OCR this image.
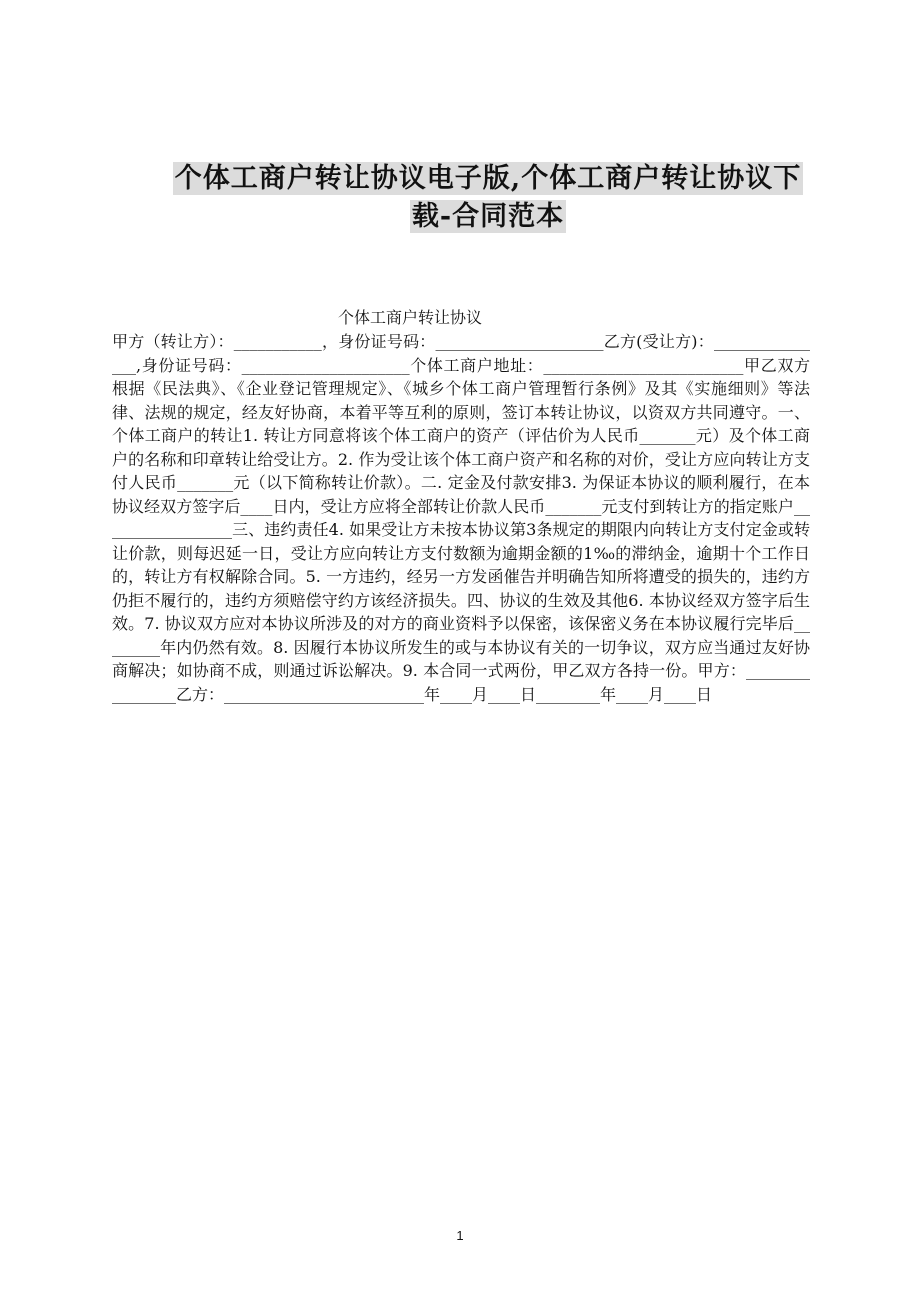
个体工商户转让协议电子版,个体工商户转让协议下载-合同范本
个体工商户转让协议

甲方（转让方）：___________，身份证号码：_____________________乙方(受让方)：_______________,身份证号码：_____________________个体工商户地址：_________________________甲乙双方根据《民法典》、《企业登记管理规定》、《城乡个体工商户管理暂行条例》及其《实施细则》等法律、法规的规定，经友好协商，本着平等互利的原则，签订本转让协议，以资双方共同遵守。一、个体工商户的转让1. 转让方同意将该个体工商户的资产（评估价为人民币_______元）及个体工商户的名称和印章转让给受让方。2. 作为受让该个体工商户资产和名称的对价，受让方应向转让方支付人民币_______元（以下简称转让价款）。二. 定金及付款安排3. 为保证本协议的顺利履行，在本协议经双方签字后____日内，受让方应将全部转让价款人民币_______元支付到转让方的指定账户_________________三、违约责任4. 如果受让方未按本协议第3条规定的期限内向转让方支付定金或转让价款，则每迟延一日，受让方应向转让方支付数额为逾期金额的1‰的滞纳金，逾期十个工作日的，转让方有权解除合同。5. 一方违约，经另一方发函催告并明确告知所将遭受的损失的，违约方仍拒不履行的，违约方须赔偿守约方该经济损失。四、协议的生效及其他6. 本协议经双方签字后生效。7. 协议双方应对本协议所涉及的对方的商业资料予以保密，该保密义务在本协议履行完毕后________年内仍然有效。8. 因履行本协议所发生的或与本协议有关的一切争议，双方应当通过友好协商解决；如协商不成，则通过诉讼解决。9. 本合同一式两份，甲乙双方各持一份。甲方：________________乙方：_________________________年____月____日________年____月____日

1
